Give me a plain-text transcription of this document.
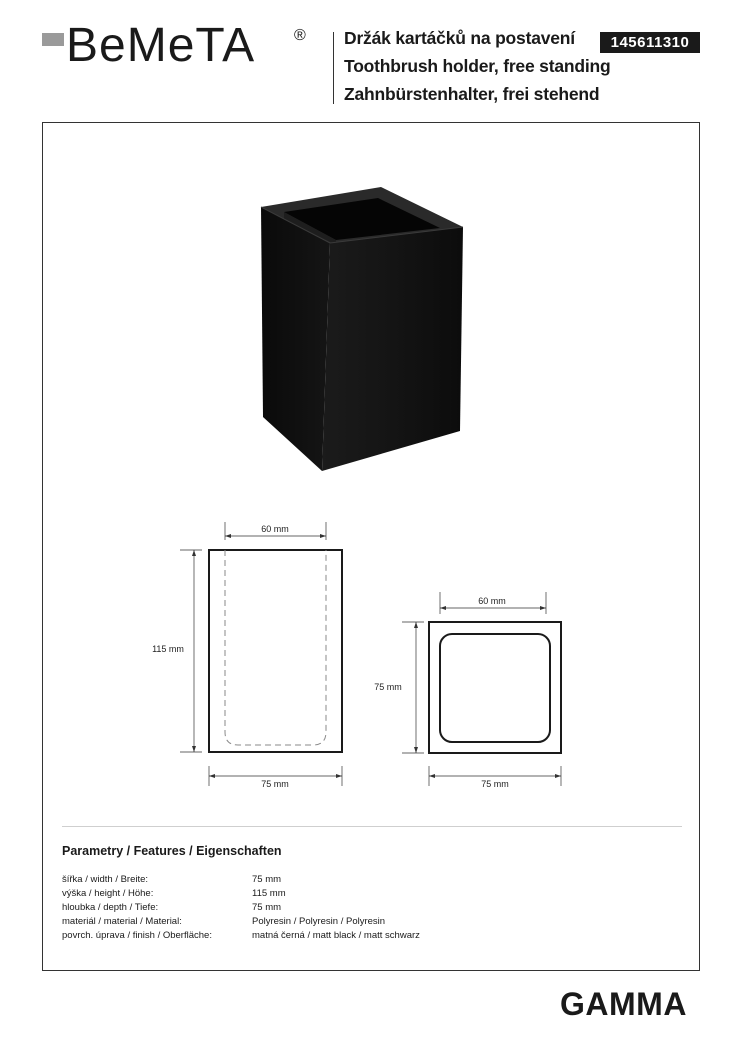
BeMeTA ® Držák kartáčků na postavení
Toothbrush holder, free standing
Zahnbürstenhalter, frei stehend
145611310
60 mm
115 mm
75 mm
60 mm
75 mm
75 mm
Parametry / Features / Eigenschaften
šířka / width / Breite:	75 mm
výška / height / Höhe:	115 mm
hloubka / depth / Tiefe:	75 mm
materiál / material / Material:	Polyresin / Polyresin / Polyresin
povrch. úprava / finish / Oberfläche:	matná černá / matt black / matt schwarz
GAMMA
